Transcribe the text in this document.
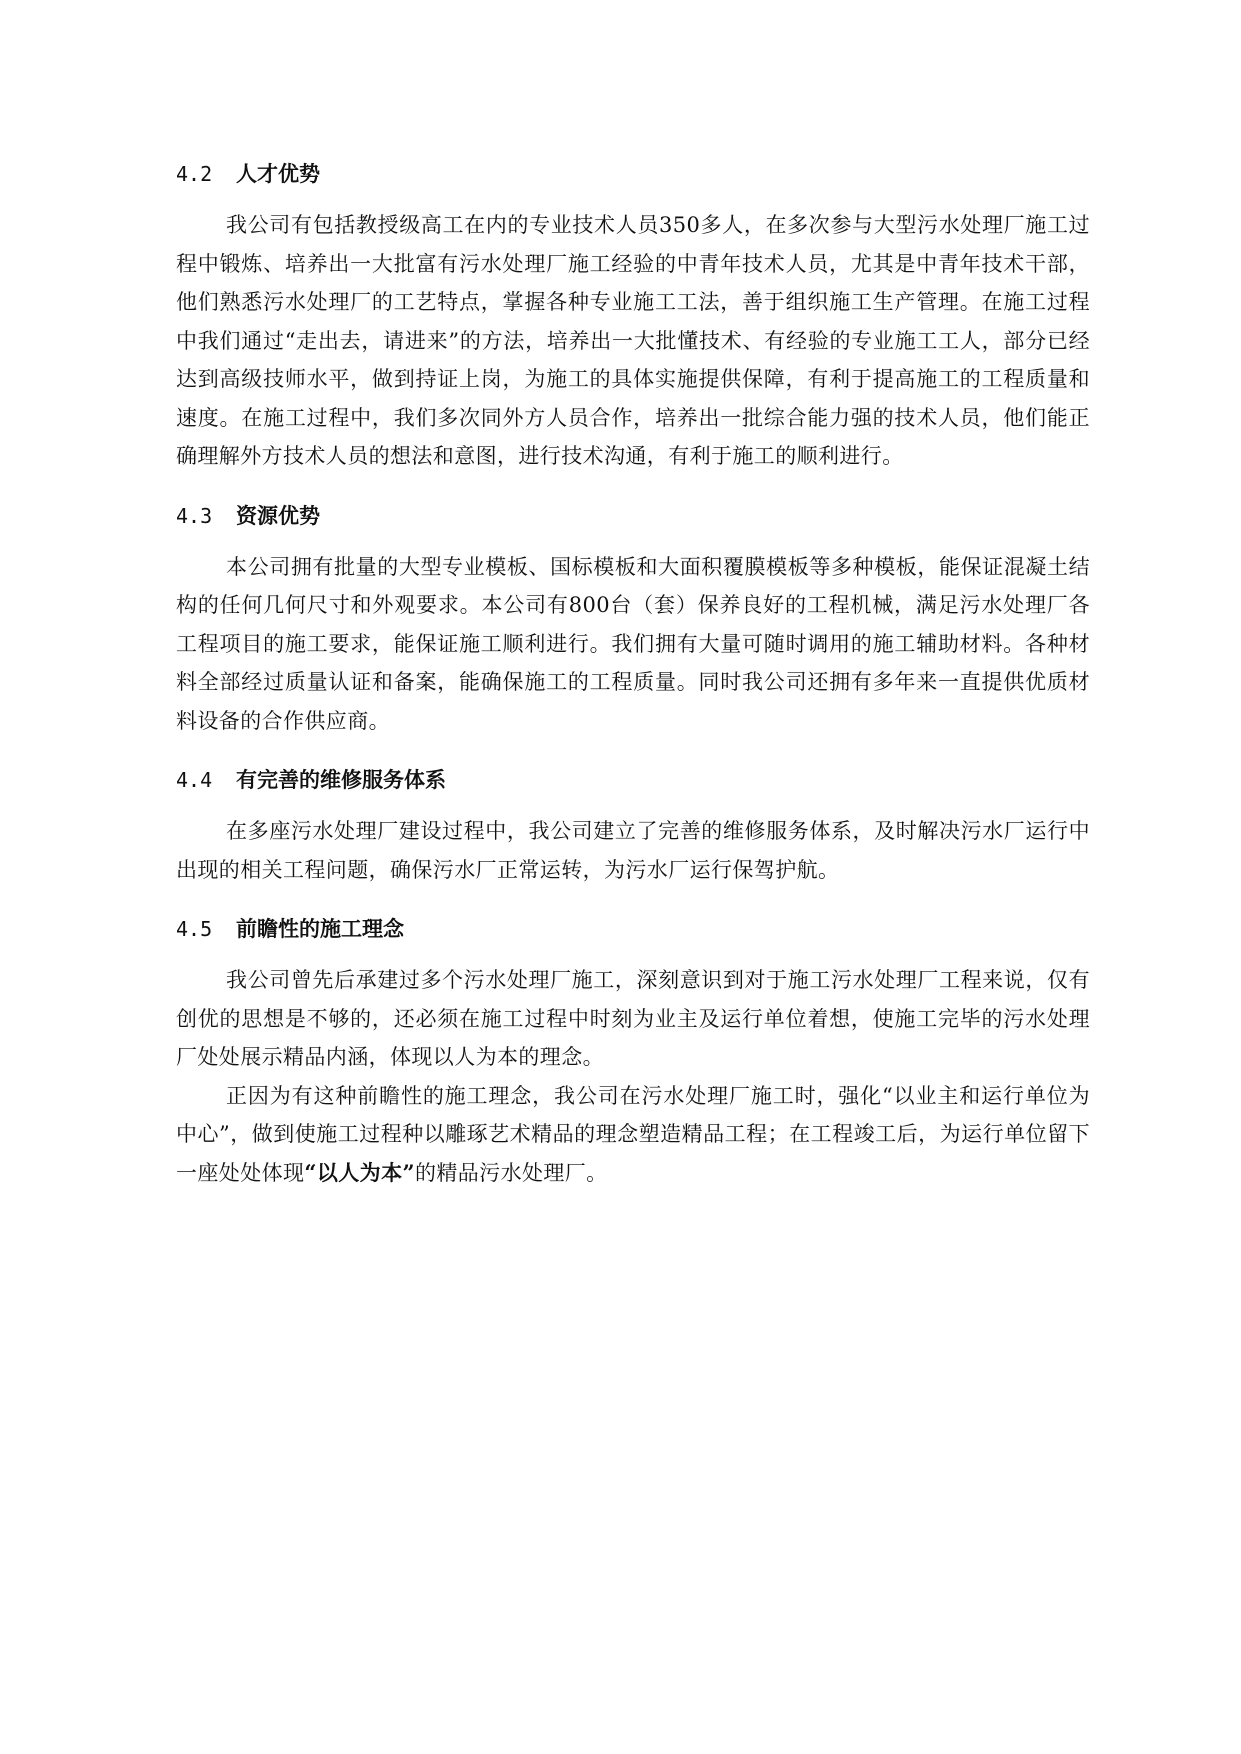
4.2 人才优势

我公司有包括教授级高工在内的专业技术人员350多人，在多次参与大型污水处理厂施工过程中锻炼、培养出一大批富有污水处理厂施工经验的中青年技术人员，尤其是中青年技术干部，他们熟悉污水处理厂的工艺特点，掌握各种专业施工工法，善于组织施工生产管理。在施工过程中我们通过“走出去，请进来”的方法，培养出一大批懂技术、有经验的专业施工工人，部分已经达到高级技师水平，做到持证上岗，为施工的具体实施提供保障，有利于提高施工的工程质量和速度。在施工过程中，我们多次同外方人员合作，培养出一批综合能力强的技术人员，他们能正确理解外方技术人员的想法和意图，进行技术沟通，有利于施工的顺利进行。

4.3 资源优势

本公司拥有批量的大型专业模板、国标模板和大面积覆膜模板等多种模板，能保证混凝土结构的任何几何尺寸和外观要求。本公司有800台（套）保养良好的工程机械，满足污水处理厂各工程项目的施工要求，能保证施工顺利进行。我们拥有大量可随时调用的施工辅助材料。各种材料全部经过质量认证和备案，能确保施工的工程质量。同时我公司还拥有多年来一直提供优质材料设备的合作供应商。

4.4 有完善的维修服务体系

在多座污水处理厂建设过程中，我公司建立了完善的维修服务体系，及时解决污水厂运行中出现的相关工程问题，确保污水厂正常运转，为污水厂运行保驾护航。

4.5 前瞻性的施工理念

我公司曾先后承建过多个污水处理厂施工，深刻意识到对于施工污水处理厂工程来说，仅有创优的思想是不够的，还必须在施工过程中时刻为业主及运行单位着想，使施工完毕的污水处理厂处处展示精品内涵，体现以人为本的理念。

正因为有这种前瞻性的施工理念，我公司在污水处理厂施工时，强化“以业主和运行单位为中心”，做到使施工过程种以雕琢艺术精品的理念塑造精品工程；在工程竣工后，为运行单位留下一座处处体现“以人为本”的精品污水处理厂。
